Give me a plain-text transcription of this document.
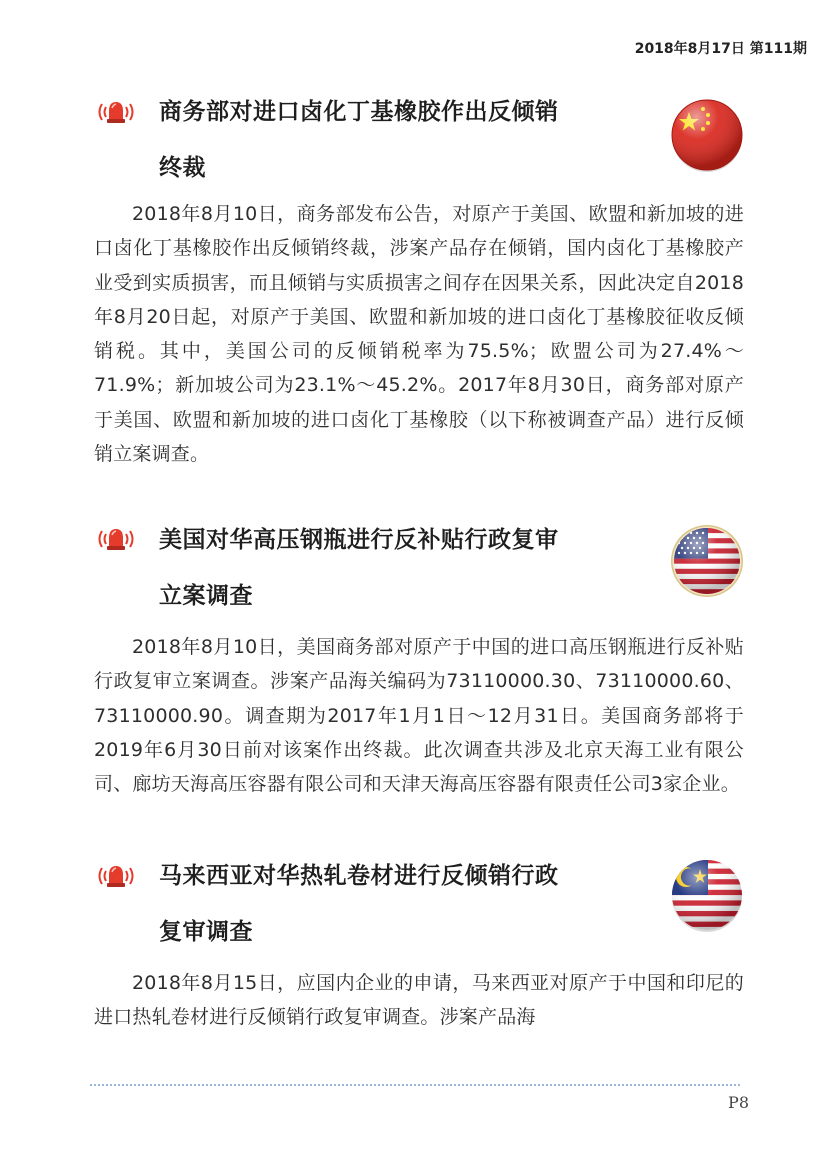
2018年8月17日 第111期
商务部对进口卤化丁基橡胶作出反倾销
终裁

2018年8月10日，商务部发布公告，对原产于美国、欧盟和新加坡的进口卤化丁基橡胶作出反倾销终裁，涉案产品存在倾销，国内卤化丁基橡胶产业受到实质损害，而且倾销与实质损害之间存在因果关系，因此决定自2018年8月20日起，对原产于美国、欧盟和新加坡的进口卤化丁基橡胶征收反倾销税。其中，美国公司的反倾销税率为75.5%；欧盟公司为27.4%～71.9%；新加坡公司为23.1%～45.2%。2017年8月30日，商务部对原产于美国、欧盟和新加坡的进口卤化丁基橡胶（以下称被调查产品）进行反倾销立案调查。

美国对华高压钢瓶进行反补贴行政复审
立案调查

2018年8月10日，美国商务部对原产于中国的进口高压钢瓶进行反补贴行政复审立案调查。涉案产品海关编码为73110000.30、73110000.60、73110000.90。调查期为2017年1月1日～12月31日。美国商务部将于2019年6月30日前对该案作出终裁。此次调查共涉及北京天海工业有限公司、廊坊天海高压容器有限公司和天津天海高压容器有限责任公司3家企业。

马来西亚对华热轧卷材进行反倾销行政
复审调查

2018年8月15日，应国内企业的申请，马来西亚对原产于中国和印尼的进口热轧卷材进行反倾销行政复审调查。涉案产品海

P8
